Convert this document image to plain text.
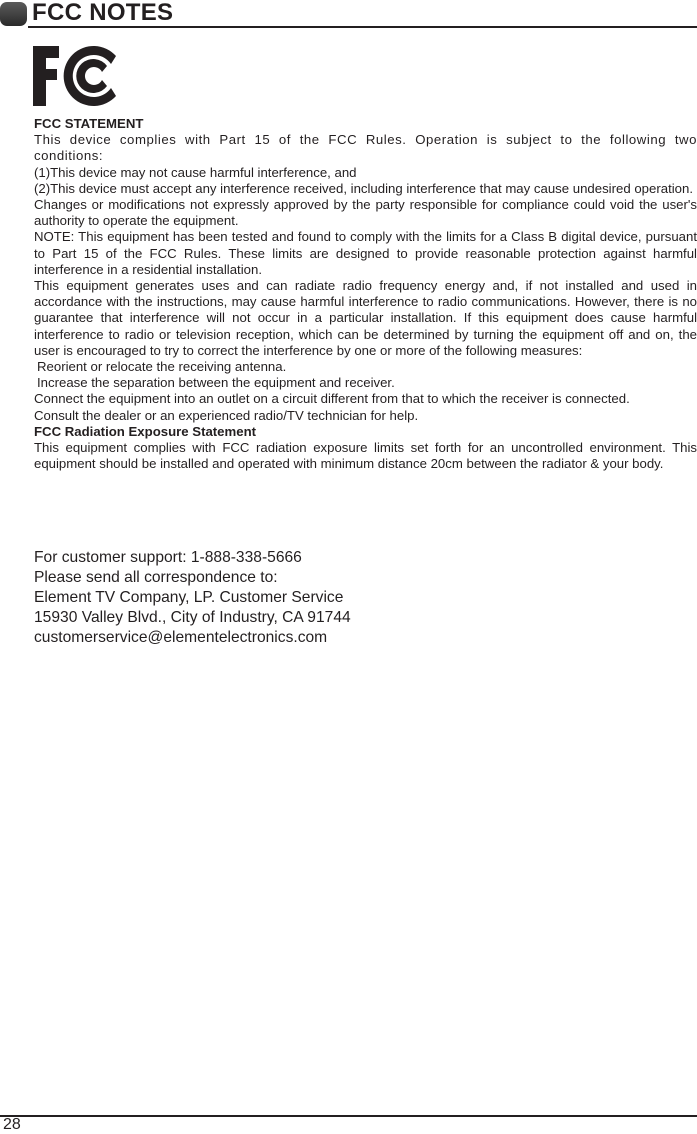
FCC NOTES

FCC STATEMENT

This device complies with Part 15 of the FCC Rules. Operation is subject to the following two conditions:

(1)This device may not cause harmful interference, and

(2)This device must accept any interference received, including interference that may cause undesired operation.

Changes or modifications not expressly approved by the party responsible for compliance could void the user's authority to operate the equipment.

NOTE: This equipment has been tested and found to comply with the limits for a Class B digital device, pursuant to Part 15 of the FCC Rules. These limits are designed to provide reasonable protection against harmful interference in a residential installation.

This equipment generates uses and can radiate radio frequency energy and, if not installed and used in accordance with the instructions, may cause harmful interference to radio communications. However, there is no guarantee that interference will not occur in a particular installation. If this equipment does cause harmful interference to radio or television reception, which can be determined by turning the equipment off and on, the user is encouraged to try to correct the interference by one or more of the following measures:

Reorient or relocate the receiving antenna.

Increase the separation between the equipment and receiver.

Connect the equipment into an outlet on a circuit different from that to which the receiver is connected.

Consult the dealer or an experienced radio/TV technician for help.

FCC Radiation Exposure Statement

This equipment complies with FCC radiation exposure limits set forth for an uncontrolled environment. This equipment should be installed and operated with minimum distance 20cm between the radiator & your body.

For customer support: 1-888-338-5666

Please send all correspondence to:

Element TV Company, LP. Customer Service

15930 Valley Blvd., City of Industry, CA 91744

customerservice@elementelectronics.com

28
